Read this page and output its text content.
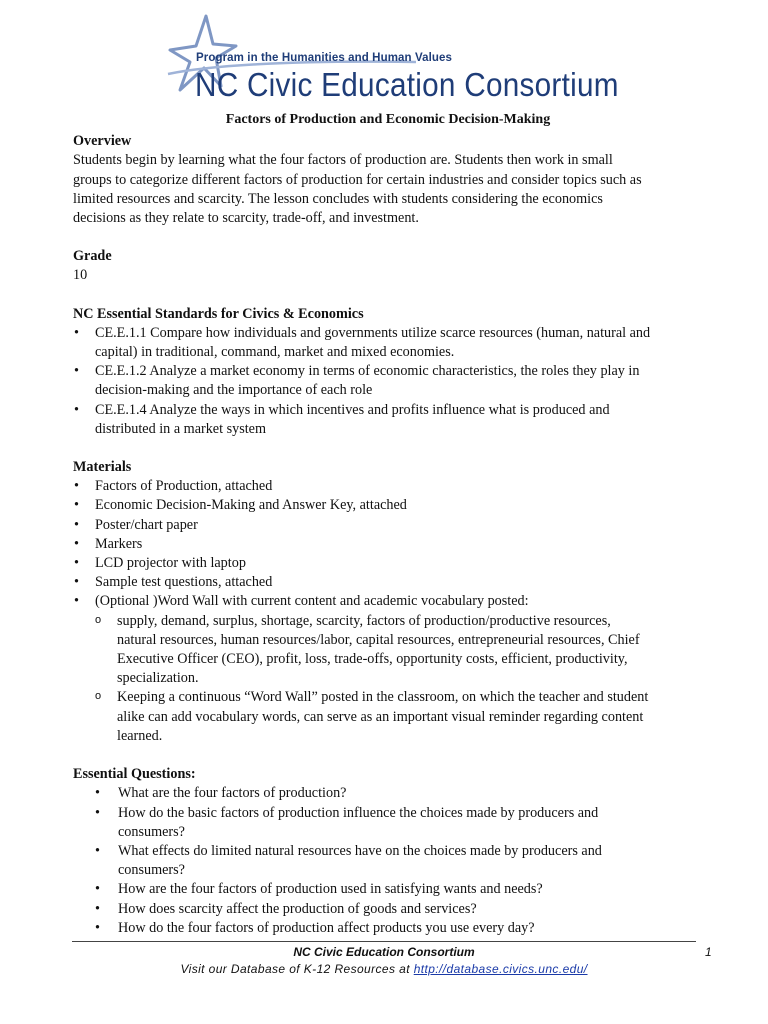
Program in the Humanities and Human Values
NC Civic Education Consortium
Factors of Production and Economic Decision-Making
Overview

Students begin by learning what the four factors of production are. Students then work in small
groups to categorize different factors of production for certain industries and consider topics such as
limited resources and scarcity. The lesson concludes with students considering the economics
decisions as they relate to scarcity, trade-off, and investment.

Grade

10

NC Essential Standards for Civics & Economics
• CE.E.1.1 Compare how individuals and governments utilize scarce resources (human, natural and
capital) in traditional, command, market and mixed economies.
• CE.E.1.2 Analyze a market economy in terms of economic characteristics, the roles they play in
decision-making and the importance of each role
• CE.E.1.4 Analyze the ways in which incentives and profits influence what is produced and
distributed in a market system
Materials
• Factors of Production, attached
• Economic Decision-Making and Answer Key, attached
• Poster/chart paper
• Markers
• LCD projector with laptop
• Sample test questions, attached
• (Optional )Word Wall with current content and academic vocabulary posted:
o supply, demand, surplus, shortage, scarcity, factors of production/productive resources,
natural resources, human resources/labor, capital resources, entrepreneurial resources, Chief
Executive Officer (CEO), profit, loss, trade-offs, opportunity costs, efficient, productivity,
specialization.
o Keeping a continuous “Word Wall” posted in the classroom, on which the teacher and student
alike can add vocabulary words, can serve as an important visual reminder regarding content
learned.
Essential Questions:
• What are the four factors of production?
• How do the basic factors of production influence the choices made by producers and
consumers?
• What effects do limited natural resources have on the choices made by producers and
consumers?
• How are the four factors of production used in satisfying wants and needs?
• How does scarcity affect the production of goods and services?
• How do the four factors of production affect products you use every day?
NC Civic Education Consortium
Visit our Database of K-12 Resources at http://database.civics.unc.edu/
1
